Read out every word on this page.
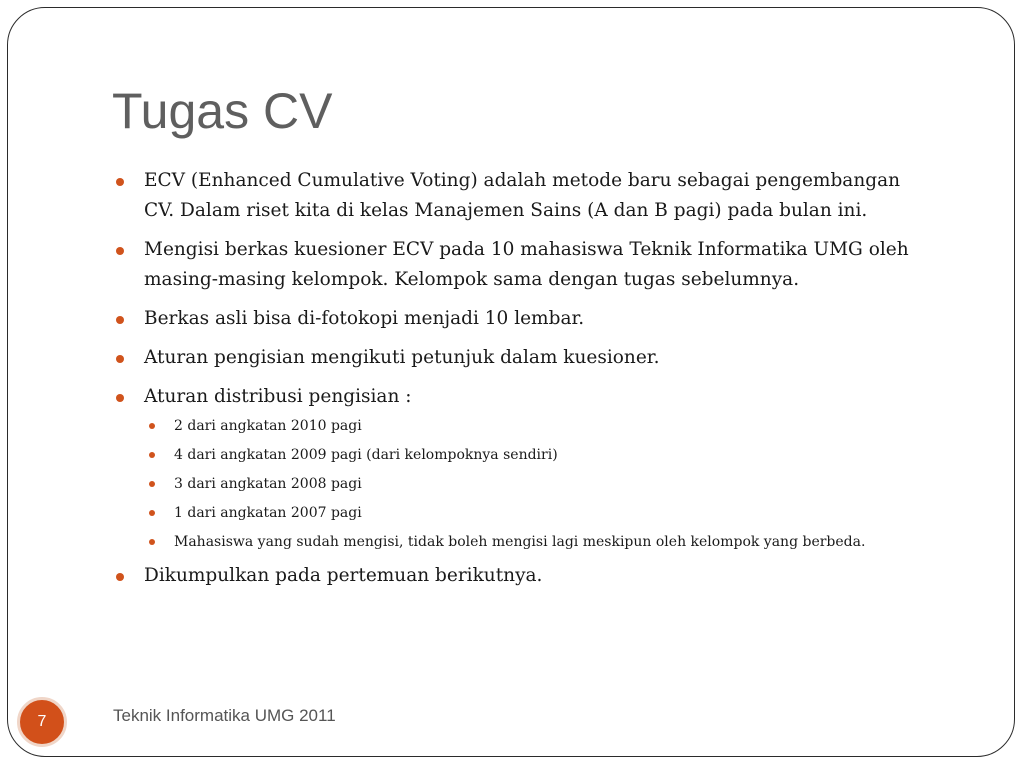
Tugas CV
ECV (Enhanced Cumulative Voting) adalah metode baru sebagai pengembangan CV. Dalam riset kita di kelas Manajemen Sains (A dan B pagi) pada bulan ini.
Mengisi berkas kuesioner ECV pada 10 mahasiswa Teknik Informatika UMG oleh masing-masing kelompok. Kelompok sama dengan tugas sebelumnya.
Berkas asli bisa di-fotokopi menjadi 10 lembar.
Aturan pengisian mengikuti petunjuk dalam kuesioner.
Aturan distribusi pengisian :
2 dari angkatan 2010 pagi
4 dari angkatan 2009 pagi (dari kelompoknya sendiri)
3 dari angkatan 2008 pagi
1 dari angkatan 2007 pagi
Mahasiswa yang sudah mengisi, tidak boleh mengisi lagi meskipun oleh kelompok yang berbeda.
Dikumpulkan pada pertemuan berikutnya.
7	Teknik Informatika UMG 2011
